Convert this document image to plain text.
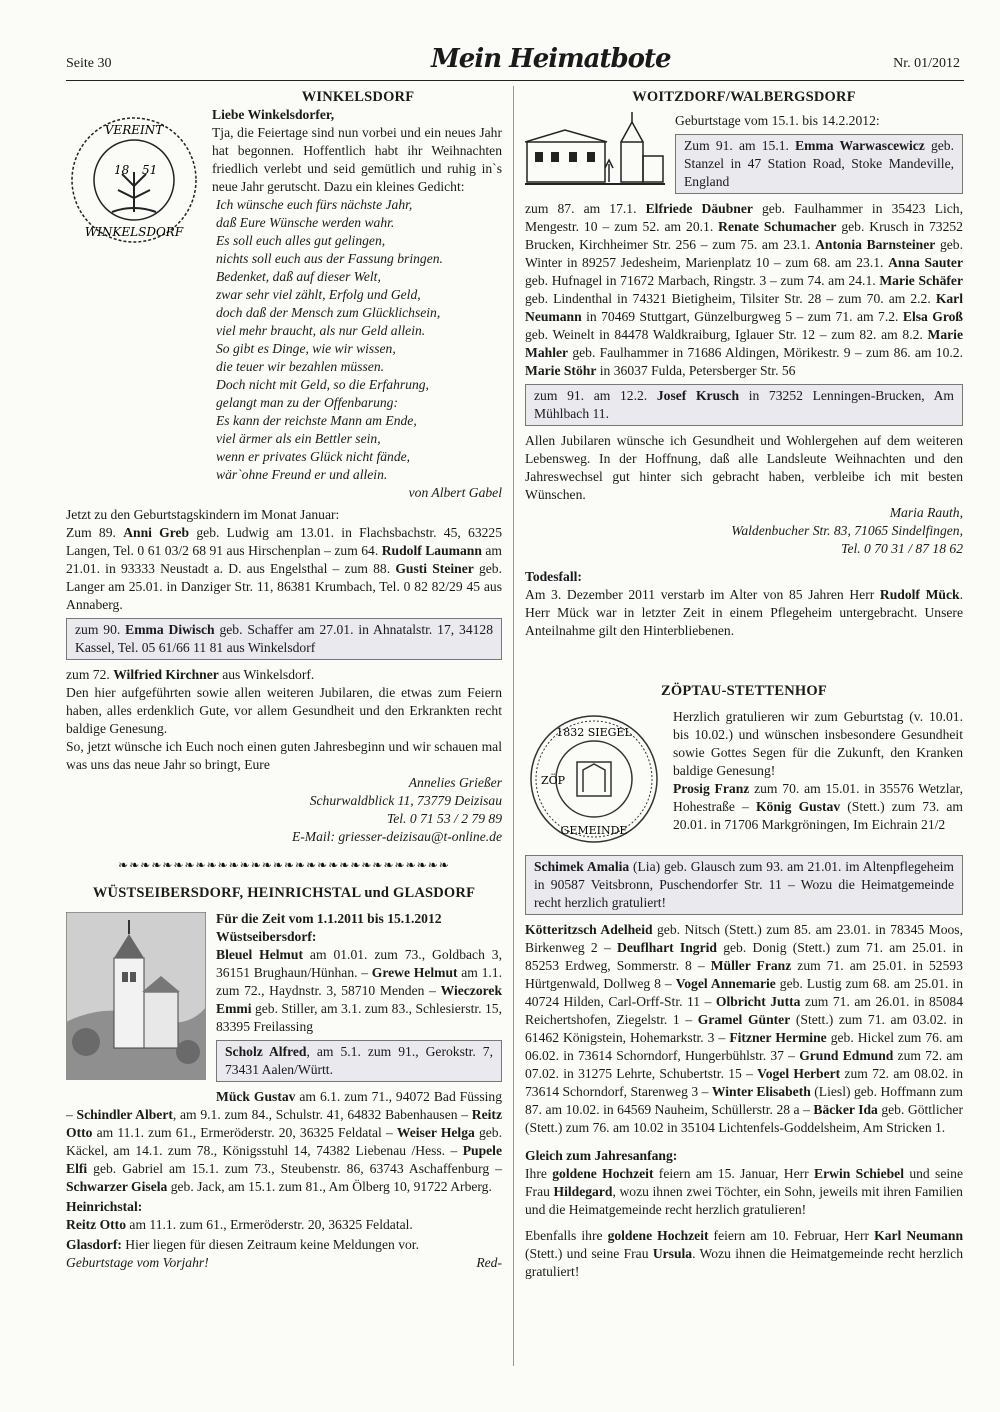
Seite 30	Mein Heimatbote	Nr. 01/2012
WINKELSDORF
VEREINT
WINKELSDORF
18 51

Liebe Winkelsdorfer,

Tja, die Feiertage sind nun vorbei und ein neues Jahr hat begonnen. Hoffentlich habt ihr Weihnachten friedlich verlebt und seid gemütlich und ruhig in`s neue Jahr gerutscht. Dazu ein kleines Gedicht:

Ich wünsche euch fürs nächste Jahr,
daß Eure Wünsche werden wahr.
Es soll euch alles gut gelingen,
nichts soll euch aus der Fassung bringen.
Bedenket, daß auf dieser Welt,
zwar sehr viel zählt, Erfolg und Geld,
doch daß der Mensch zum Glücklichsein,
viel mehr braucht, als nur Geld allein.
So gibt es Dinge, wie wir wissen,
die teuer wir bezahlen müssen.
Doch nicht mit Geld, so die Erfahrung,
gelangt man zu der Offenbarung:
Es kann der reichste Mann am Ende,
viel ärmer als ein Bettler sein,
wenn er privates Glück nicht fände,
wär`ohne Freund er und allein.

von Albert Gabel

Jetzt zu den Geburtstagskindern im Monat Januar:

Zum 89. Anni Greb geb. Ludwig am 13.01. in Flachsbachstr. 45, 63225 Langen, Tel. 0 61 03/2 68 91 aus Hirschenplan – zum 64. Rudolf Laumann am 21.01. in 93333 Neustadt a. D. aus Engelsthal – zum 88. Gusti Steiner geb. Langer am 25.01. in Danziger Str. 11, 86381 Krumbach, Tel. 0 82 82/29 45 aus Annaberg.

zum 90. Emma Diwisch geb. Schaffer am 27.01. in Ahnatalstr. 17, 34128 Kassel, Tel. 05 61/66 11 81 aus Winkelsdorf

zum 72. Wilfried Kirchner aus Winkelsdorf.

Den hier aufgeführten sowie allen weiteren Jubilaren, die etwas zum Feiern haben, alles erdenklich Gute, vor allem Gesundheit und den Erkrankten recht baldige Genesung.

So, jetzt wünsche ich Euch noch einen guten Jahresbeginn und wir schauen mal was uns das neue Jahr so bringt, Eure

Annelies Grießer
Schurwaldblick 11, 73779 Deizisau
Tel. 0 71 53 / 2 79 89
E-Mail: griesser-deizisau@t-online.de
❧❧❧❧❧❧❧❧❧❧❧❧❧❧❧❧❧❧❧❧❧❧❧❧❧❧❧❧❧❧
WÜSTSEIBERSDORF, HEINRICHSTAL und GLASDORF

Für die Zeit vom 1.1.2011 bis 15.1.2012

Wüstseibersdorf:

Bleuel Helmut am 01.01. zum 73., Goldbach 3, 36151 Brughaun/Hünhan. – Grewe Helmut am 1.1. zum 72., Haydnstr. 3, 58710 Menden – Wieczorek Emmi geb. Stiller, am 3.1. zum 83., Schlesierstr. 15, 83395 Freilassing

Scholz Alfred, am 5.1. zum 91., Gerokstr. 7, 73431 Aalen/Württ.

Mück Gustav am 6.1. zum 71., 94072 Bad Füssing – Schindler Albert, am 9.1. zum 84., Schulstr. 41, 64832 Babenhausen – Reitz Otto am 11.1. zum 61., Ermeröderstr. 20, 36325 Feldatal – Weiser Helga geb. Käckel, am 14.1. zum 78., Königsstuhl 14, 74382 Liebenau /Hess. – Pupele Elfi geb. Gabriel am 15.1. zum 73., Steubenstr. 86, 63743 Aschaffenburg – Schwarzer Gisela geb. Jack, am 15.1. zum 81., Am Ölberg 10, 91722 Arberg.

Heinrichstal:

Reitz Otto am 11.1. zum 61., Ermeröderstr. 20, 36325 Feldatal.

Glasdorf: Hier liegen für diesen Zeitraum keine Meldungen vor.

Geburtstage vom Vorjahr!	Red-

WOITZDORF/WALBERGSDORF

Geburtstage vom 15.1. bis 14.2.2012:

Zum 91. am 15.1. Emma Warwascewicz geb. Stanzel in 47 Station Road, Stoke Mandeville, England

zum 87. am 17.1. Elfriede Däubner geb. Faulhammer in 35423 Lich, Mengestr. 10 – zum 52. am 20.1. Renate Schumacher geb. Krusch in 73252 Brucken, Kirchheimer Str. 256 – zum 75. am 23.1. Antonia Barnsteiner geb. Winter in 89257 Jedesheim, Marienplatz 10 – zum 68. am 23.1. Anna Sauter geb. Hufnagel in 71672 Marbach, Ringstr. 3 – zum 74. am 24.1. Marie Schäfer geb. Lindenthal in 74321 Bietigheim, Tilsiter Str. 28 – zum 70. am 2.2. Karl Neumann in 70469 Stuttgart, Günzelburgweg 5 – zum 71. am 7.2. Elsa Groß geb. Weinelt in 84478 Waldkraiburg, Iglauer Str. 12 – zum 82. am 8.2. Marie Mahler geb. Faulhammer in 71686 Aldingen, Mörikestr. 9 – zum 86. am 10.2. Marie Stöhr in 36037 Fulda, Petersberger Str. 56

zum 91. am 12.2. Josef Krusch in 73252 Lenningen-Brucken, Am Mühlbach 11.

Allen Jubilaren wünsche ich Gesundheit und Wohlergehen auf dem weiteren Lebensweg. In der Hoffnung, daß alle Landsleute Weihnachten und den Jahreswechsel gut hinter sich gebracht haben, verbleibe ich mit besten Wünschen.

Maria Rauth,
Waldenbucher Str. 83, 71065 Sindelfingen,
Tel. 0 70 31 / 87 18 62

Todesfall:

Am 3. Dezember 2011 verstarb im Alter von 85 Jahren Herr Rudolf Mück. Herr Mück war in letzter Zeit in einem Pflegeheim untergebracht. Unsere Anteilnahme gilt den Hinterbliebenen.

ZÖPTAU-STETTENHOF
1832 SIEGEL
GEMEINDE
ZÖP

Herzlich gratulieren wir zum Geburtstag (v. 10.01. bis 10.02.) und wünschen insbesondere Gesundheit sowie Gottes Segen für die Zukunft, den Kranken baldige Genesung!

Prosig Franz zum 70. am 15.01. in 35576 Wetzlar, Hohestraße – König Gustav (Stett.) zum 73. am 20.01. in 71706 Markgröningen, Im Eichrain 21/2

Schimek Amalia (Lia) geb. Glausch zum 93. am 21.01. im Altenpflegeheim in 90587 Veitsbronn, Puschendorfer Str. 11 – Wozu die Heimatgemeinde recht herzlich gratuliert!

Kötteritzsch Adelheid geb. Nitsch (Stett.) zum 85. am 23.01. in 78345 Moos, Birkenweg 2 – Deuflhart Ingrid geb. Donig (Stett.) zum 71. am 25.01. in 85253 Erdweg, Sommerstr. 8 – Müller Franz zum 71. am 25.01. in 52593 Hürtgenwald, Dollweg 8 – Vogel Annemarie geb. Lustig zum 68. am 25.01. in 40724 Hilden, Carl-Orff-Str. 11 – Olbricht Jutta zum 71. am 26.01. in 85084 Reichertshofen, Ziegelstr. 1 – Gramel Günter (Stett.) zum 71. am 03.02. in 61462 Königstein, Hohemarkstr. 3 – Fitzner Hermine geb. Hickel zum 76. am 06.02. in 73614 Schorndorf, Hungerbühlstr. 37 – Grund Edmund zum 72. am 07.02. in 31275 Lehrte, Schubertstr. 15 – Vogel Herbert zum 72. am 08.02. in 73614 Schorndorf, Starenweg 3 – Winter Elisabeth (Liesl) geb. Hoffmann zum 87. am 10.02. in 64569 Nauheim, Schüllerstr. 28 a – Bäcker Ida geb. Göttlicher (Stett.) zum 76. am 10.02 in 35104 Lichtenfels-Goddelsheim, Am Stricken 1.

Gleich zum Jahresanfang:

Ihre goldene Hochzeit feiern am 15. Januar, Herr Erwin Schiebel und seine Frau Hildegard, wozu ihnen zwei Töchter, ein Sohn, jeweils mit ihren Familien und die Heimatgemeinde recht herzlich gratulieren!

Ebenfalls ihre goldene Hochzeit feiern am 10. Februar, Herr Karl Neumann (Stett.) und seine Frau Ursula. Wozu ihnen die Heimatgemeinde recht herzlich gratuliert!
